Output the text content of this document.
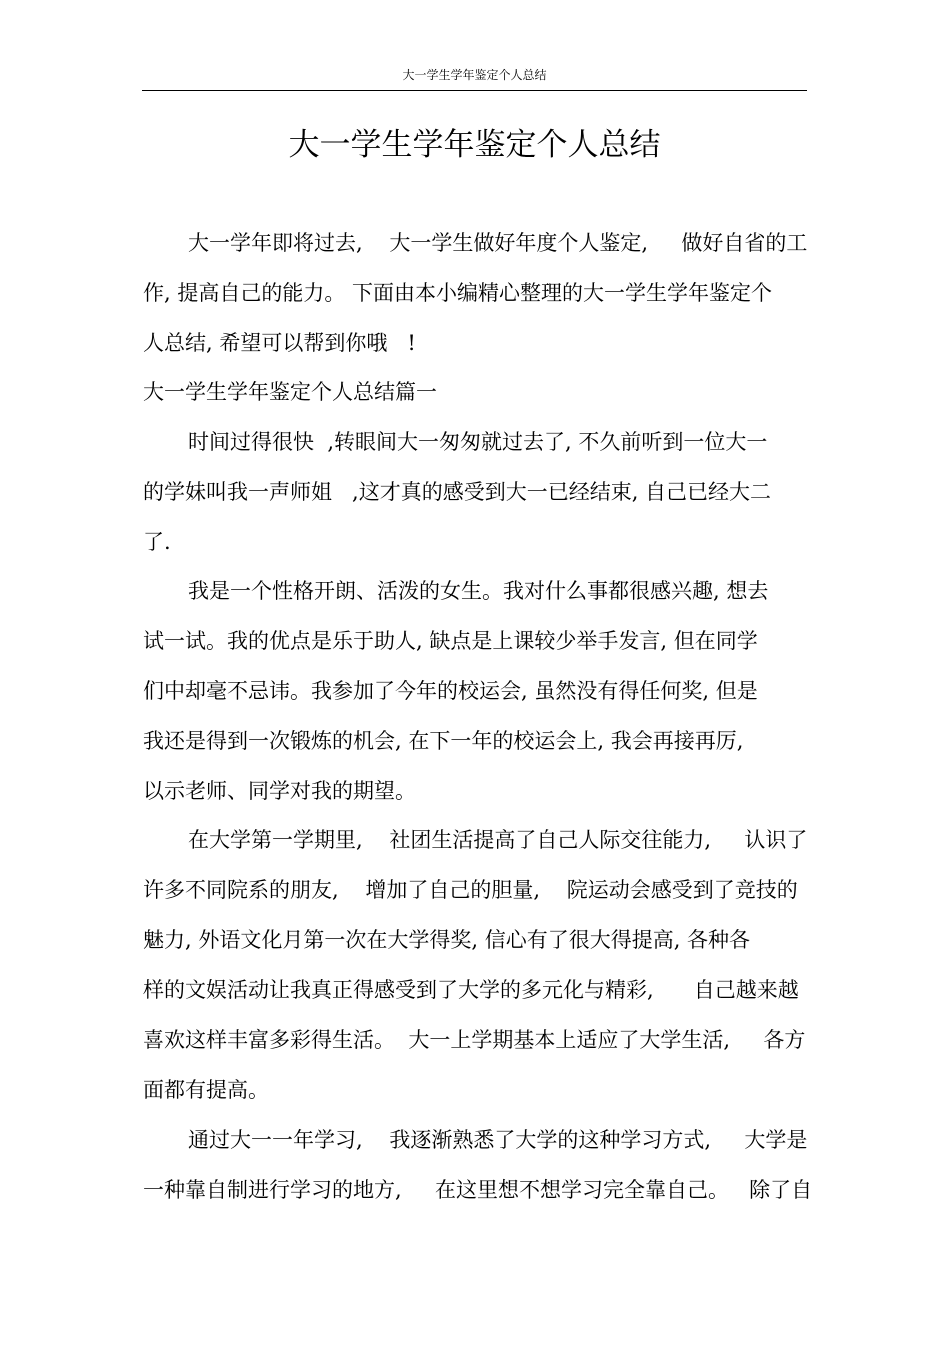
大一学生学年鉴定个人总结
大一学生学年鉴定个人总结
大一学年即将过去,    大一学生做好年度个人鉴定,     做好自省的工
作, 提高自己的能力。 下面由本小编精心整理的大一学生学年鉴定个
人总结, 希望可以帮到你哦   !
大一学生学年鉴定个人总结篇一
时间过得很快  ,转眼间大一匆匆就过去了, 不久前听到一位大一
的学妹叫我一声师姐   ,这才真的感受到大一已经结束, 自己已经大二
了.
我是一个性格开朗、活泼的女生。我对什么事都很感兴趣, 想去
试一试。我的优点是乐于助人, 缺点是上课较少举手发言, 但在同学
们中却毫不忌讳。我参加了今年的校运会, 虽然没有得任何奖, 但是
我还是得到一次锻炼的机会, 在下一年的校运会上, 我会再接再厉,
以示老师、同学对我的期望。
在大学第一学期里,    社团生活提高了自己人际交往能力,     认识了
许多不同院系的朋友,    增加了自己的胆量,    院运动会感受到了竞技的
魅力, 外语文化月第一次在大学得奖, 信心有了很大得提高, 各种各
样的文娱活动让我真正得感受到了大学的多元化与精彩,      自己越来越
喜欢这样丰富多彩得生活。  大一上学期基本上适应了大学生活,     各方
面都有提高。
通过大一一年学习,    我逐渐熟悉了大学的这种学习方式,     大学是
一种靠自制进行学习的地方,     在这里想不想学习完全靠自己。   除了自
